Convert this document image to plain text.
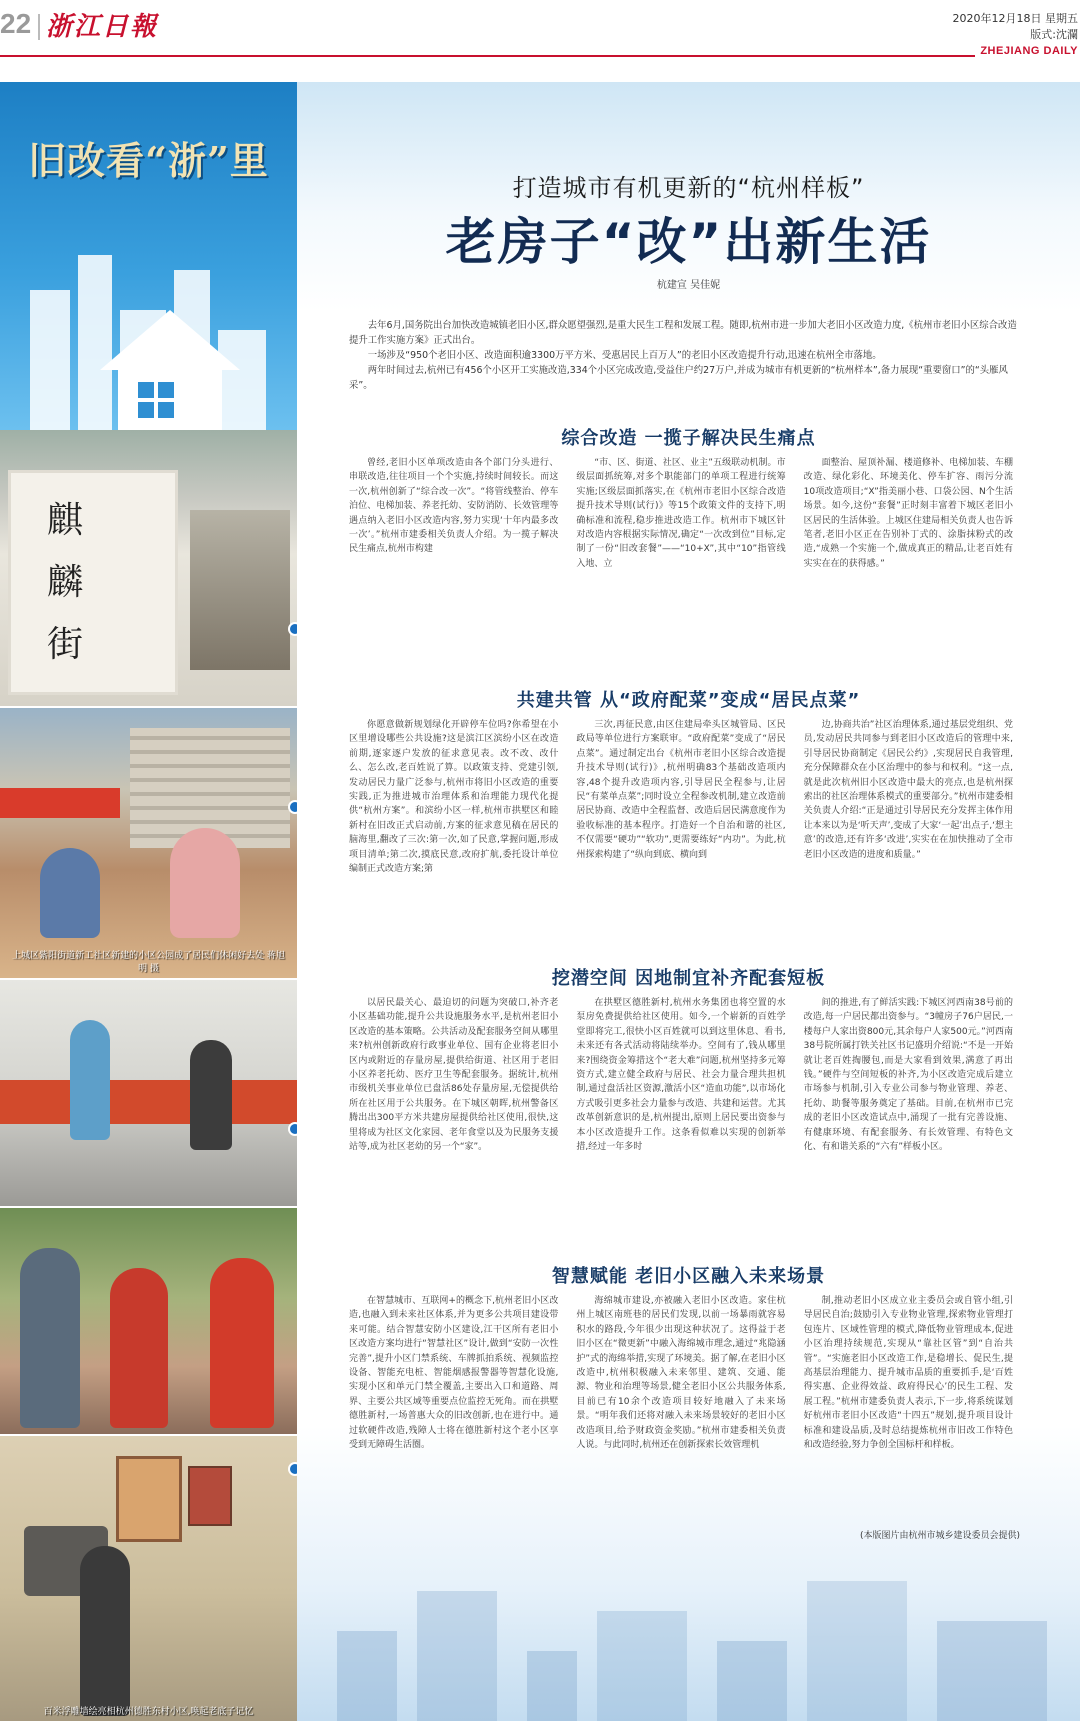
22 浙江日報	2020年12月18日 星期五
版式:沈瀾
ZHEJIANG DAILY
旧改看“浙”里
麒
麟
街
上城区紫阳街道新工社区新建的小区公园成了居民们休闲好去处 蒋旭明 摄
百米浮雕墙绘亮相杭州德胜东村小区,唤起老底子记忆
打造城市有机更新的“杭州样板”
老房子“改”出新生活
杭建宣 吴佳妮

去年6月,国务院出台加快改造城镇老旧小区,群众愿望强烈,是重大民生工程和发展工程。随即,杭州市进一步加大老旧小区改造力度,《杭州市老旧小区综合改造提升工作实施方案》正式出台。

一场涉及“950个老旧小区、改造面积逾3300万平方米、受惠居民上百万人”的老旧小区改造提升行动,迅速在杭州全市落地。

两年时间过去,杭州已有456个小区开工实施改造,334个小区完成改造,受益住户约27万户,并成为城市有机更新的“杭州样本”,备力展现“重要窗口”的“头雁风采”。

综合改造 一揽子解决民生痛点

曾经,老旧小区单项改造由各个部门分头进行、串联改造,往往项目一个个实施,持续时间较长。而这一次,杭州创新了“综合改一次”。“将管线整治、停车泊位、电梯加装、养老托幼、安防消防、长效管理等遇点纳入老旧小区改造内容,努力实现‘十年内最多改一次’。”杭州市建委相关负责人介绍。为一揽子解决民生痛点,杭州市构建

“市、区、街道、社区、业主”五级联动机制。市级层面抓统筹,对多个职能部门的单项工程进行统筹实施;区级层面抓落实,在《杭州市老旧小区综合改造提升技术导则(试行)》等15个政策文件的支持下,明确标准和流程,稳步推进改造工作。杭州市下城区针对改造内容根据实际情况,确定“一次改到位”目标,定制了一份“旧改套餐”——“10+X”,其中“10”指管线入地、立

面整治、屋顶补漏、楼道修补、电梯加装、车棚改造、绿化彩化、环境美化、停车扩容、雨污分流10项改造项目;“X”指美丽小巷、口袋公园、N个生活场景。如今,这份“套餐”正时刻丰富着下城区老旧小区居民的生活体验。上城区住建局相关负责人也告诉笔者,老旧小区正在告别补丁式的、涂脂抹粉式的改造,“成熟一个实施一个,做成真正的精品,让老百姓有实实在在的获得感。”

共建共管 从“政府配菜”变成“居民点菜”

你愿意做新规划绿化开辟停车位吗?你希望在小区里增设哪些公共设施?这是滨江区滨纷小区在改造前期,逐家逐户发放的征求意见表。改不改、改什么、怎么改,老百姓说了算。以政策支持、党建引领,发动居民力量广泛参与,杭州市将旧小区改造的重要实践,正为推进城市治理体系和治理能力现代化提供“杭州方案”。和滨纷小区一样,杭州市拱墅区和睦新村在旧改正式启动前,方案的征求意见稿在居民的脑海里,翻改了三次:第一次,如了民意,掌握问题,形成项目清单;第二次,摸底民意,改府扩航,委托设计单位编制正式改造方案;第

三次,再征民意,由区住建局牵头区城管局、区民政局等单位进行方案联审。“政府配菜”变成了“居民点菜”。通过制定出台《杭州市老旧小区综合改造提升技术导则(试行)》,杭州明确83个基础改造项内容,48个提升改造项内容,引导居民全程参与,让居民“有菜单点菜”;同时设立全程参改机制,建立改造前居民协商、改造中全程监督、改造后居民满意度作为验收标准的基本程序。打造好一个自治和谐的社区,不仅需要“硬功”“软功”,更需要练好“内功”。为此,杭州探索构建了“纵向到底、横向到

边,协商共治”社区治理体系,通过基层党组织、党员,发动居民共同参与到老旧小区改造后的管理中来,引导居民协商制定《居民公约》,实现居民自我管理,充分保障群众在小区治理中的参与和权利。“这一点,就是此次杭州旧小区改造中最大的亮点,也是杭州探索出的社区治理体系模式的重要部分。”杭州市建委相关负责人介绍:“正是通过引导居民充分发挥主体作用让本来以为是‘听天声’,变成了大家‘一起’出点子,‘想主意’的改造,还有许多‘改进’,实实在在加快推动了全市老旧小区改造的进度和质量。”

挖潜空间 因地制宜补齐配套短板

以居民最关心、最迫切的问题为突破口,补齐老小区基础功能,提升公共设施服务水平,是杭州老旧小区改造的基本策略。公共活动及配套服务空间从哪里来?杭州创新政府行政事业单位、国有企业将老旧小区内或附近的存量房屋,提供给街道、社区用于老旧小区养老托幼、医疗卫生等配套服务。据统计,杭州市级机关事业单位已盘活86处存量房屋,无偿提供给所在社区用于公共服务。在下城区朝晖,杭州警备区腾出出300平方米共建房屋提供给社区使用,很快,这里将成为社区文化家园、老年食堂以及为民服务支援站等,成为社区老幼的另一个“家”。

在拱墅区德胜新村,杭州水务集团也将空置的水泵房免费提供给社区使用。如今,一个崭新的百姓学堂即将完工,很快小区百姓就可以到这里休息、看书,未来还有各式活动将陆续举办。空间有了,钱从哪里来?围绕资金筹措这个“老大难”问题,杭州坚持多元筹资方式,建立健全政府与居民、社会力量合理共担机制,通过盘活社区资源,激活小区“造血功能”,以市场化方式吸引更多社会力量参与改造、共建和运营。尤其改革创新意识的是,杭州提出,原则上居民要出资参与本小区改造提升工作。这条看似难以实现的创新举措,经过一年多时

间的推进,有了鲜活实践:下城区河西南38号前的改造,每一户居民都出资参与。“3幢房子76户居民,一楼每户人家出资800元,其余每户人家500元。”河西南38号院所属打铁关社区书记盛玥介绍说:“不是一开始就让老百姓掏腰包,而是大家看到效果,满意了再出钱。”硬件与空间短板的补齐,为小区改造完成后建立市场参与机制,引入专业公司参与物业管理、养老、托幼、助餐等服务奠定了基础。目前,在杭州市已完成的老旧小区改造试点中,涌现了一批有完善设施、有健康环境、有配套服务、有长效管理、有特色文化、有和谐关系的“六有”样板小区。

智慧赋能 老旧小区融入未来场景

在智慧城市、互联网+的概念下,杭州老旧小区改造,也融入到未来社区体系,并为更多公共项目建设带来可能。结合智慧安防小区建设,江干区所有老旧小区改造方案均进行“智慧社区”设计,做到“安防一次性完善”,提升小区门禁系统、车牌抓拍系统、视频监控设备、智能充电桩、智能烟感报警器等智慧化设施,实现小区和单元门禁全覆盖,主要出入口和道路、周界、主要公共区域等重要点位监控无死角。而在拱墅德胜新村,一场普惠大众的旧改创新,也在进行中。通过软硬件改造,残障人士将在德胜新村这个老小区享受到无障碍生活圈。

海绵城市建设,亦被融入老旧小区改造。家住杭州上城区南班巷的居民们发现,以前一场暴雨就容易积水的路段,今年很少出现这种状况了。这得益于老旧小区在“微更新”中融入海绵城市理念,通过“兆隐涵护”式的海绵举措,实现了环境美。据了解,在老旧小区改造中,杭州积极融入未来邻里、建筑、交通、能源、物业和治理等场景,健全老旧小区公共服务体系,目前已有10余个改造项目较好地融入了未来场景。“明年我们还将对融入未来场景较好的老旧小区改造项目,给予财政资金奖励。”杭州市建委相关负责人说。与此同时,杭州还在创新探索长效管理机

制,推动老旧小区成立业主委员会或自管小组,引导居民自治;鼓励引入专业物业管理,探索物业管理打包连片、区域性管理的模式,降低物业管理成本,促进小区治理持续规范,实现从“靠社区管”到“自治共管”。“实施老旧小区改造工作,是稳增长、促民生,提高基层治理能力、提升城市品质的重要抓手,是‘百姓得实惠、企业得效益、政府得民心’的民生工程、发展工程。”杭州市建委负责人表示,下一步,将系统谋划好杭州市老旧小区改造“十四五”规划,提升项目设计标准和建设品质,及时总结提炼杭州市旧改工作特色和改造经验,努力争创全国标杆和样板。

(本版图片由杭州市城乡建设委员会提供)
